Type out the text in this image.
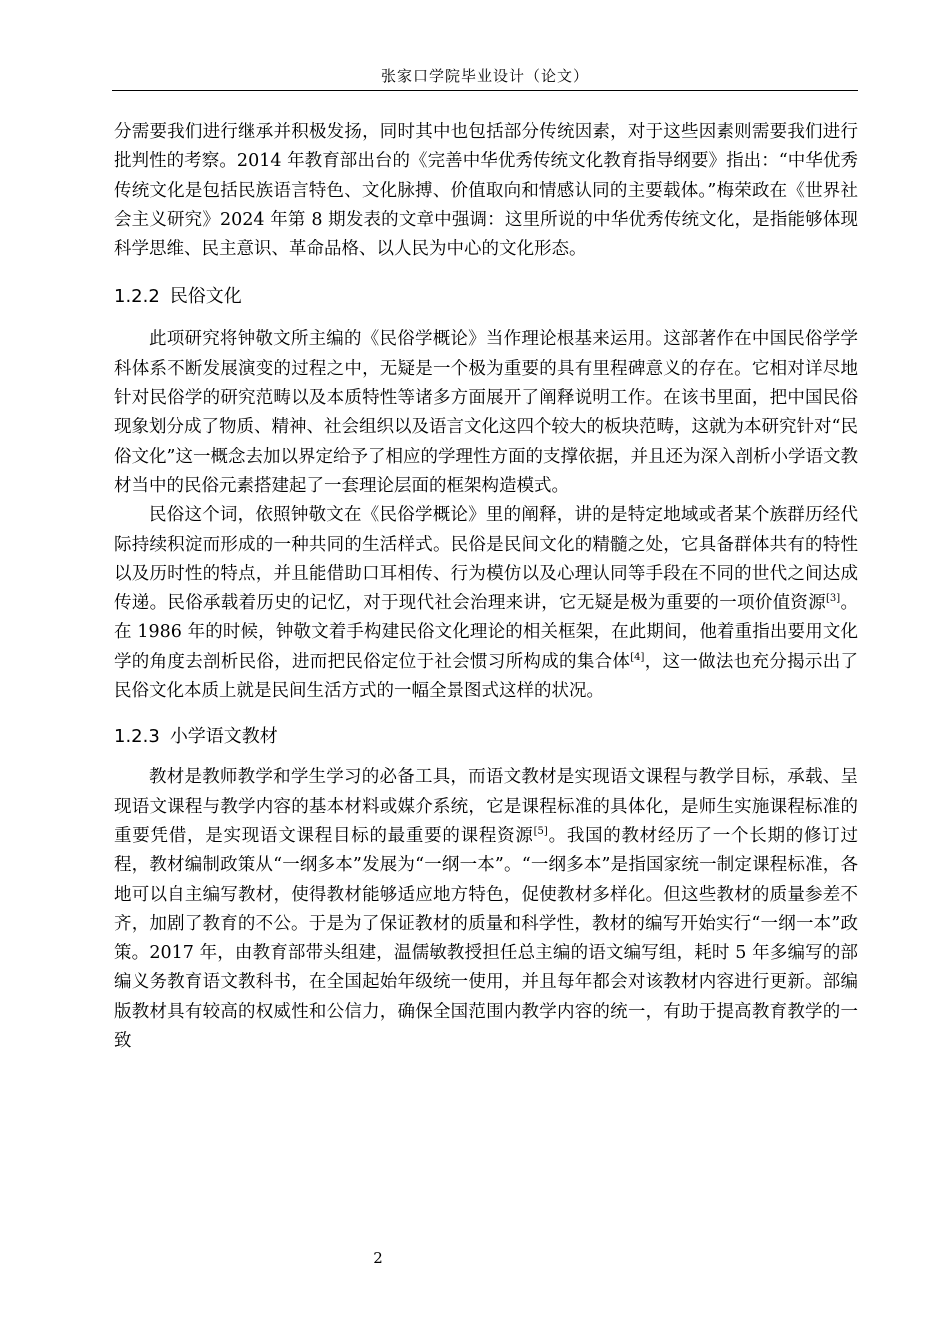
张家口学院毕业设计（论文）

分需要我们进行继承并积极发扬，同时其中也包括部分传统因素，对于这些因素则需要我们进行批判性的考察。2014 年教育部出台的《完善中华优秀传统文化教育指导纲要》指出：“中华优秀传统文化是包括民族语言特色、文化脉搏、价值取向和情感认同的主要载体。”梅荣政在《世界社会主义研究》2024 年第 8 期发表的文章中强调：这里所说的中华优秀传统文化，是指能够体现科学思维、民主意识、革命品格、以人民为中心的文化形态。

1.2.2 民俗文化

此项研究将钟敬文所主编的《民俗学概论》当作理论根基来运用。这部著作在中国民俗学学科体系不断发展演变的过程之中，无疑是一个极为重要的具有里程碑意义的存在。它相对详尽地针对民俗学的研究范畴以及本质特性等诸多方面展开了阐释说明工作。在该书里面，把中国民俗现象划分成了物质、精神、社会组织以及语言文化这四个较大的板块范畴，这就为本研究针对“民俗文化”这一概念去加以界定给予了相应的学理性方面的支撑依据，并且还为深入剖析小学语文教材当中的民俗元素搭建起了一套理论层面的框架构造模式。

民俗这个词，依照钟敬文在《民俗学概论》里的阐释，讲的是特定地域或者某个族群历经代际持续积淀而形成的一种共同的生活样式。民俗是民间文化的精髓之处，它具备群体共有的特性以及历时性的特点，并且能借助口耳相传、行为模仿以及心理认同等手段在不同的世代之间达成传递。民俗承载着历史的记忆，对于现代社会治理来讲，它无疑是极为重要的一项价值资源[3]。在 1986 年的时候，钟敬文着手构建民俗文化理论的相关框架，在此期间，他着重指出要用文化学的角度去剖析民俗，进而把民俗定位于社会惯习所构成的集合体[4]，这一做法也充分揭示出了民俗文化本质上就是民间生活方式的一幅全景图式这样的状况。

1.2.3 小学语文教材

教材是教师教学和学生学习的必备工具，而语文教材是实现语文课程与教学目标，承载、呈现语文课程与教学内容的基本材料或媒介系统，它是课程标准的具体化，是师生实施课程标准的重要凭借，是实现语文课程目标的最重要的课程资源[5]。我国的教材经历了一个长期的修订过程，教材编制政策从“一纲多本”发展为“一纲一本”。“一纲多本”是指国家统一制定课程标准，各地可以自主编写教材，使得教材能够适应地方特色，促使教材多样化。但这些教材的质量参差不齐，加剧了教育的不公。于是为了保证教材的质量和科学性，教材的编写开始实行“一纲一本”政策。2017 年，由教育部带头组建，温儒敏教授担任总主编的语文编写组，耗时 5 年多编写的部编义务教育语文教科书，在全国起始年级统一使用，并且每年都会对该教材内容进行更新。部编版教材具有较高的权威性和公信力，确保全国范围内教学内容的统一，有助于提高教育教学的一致

2
